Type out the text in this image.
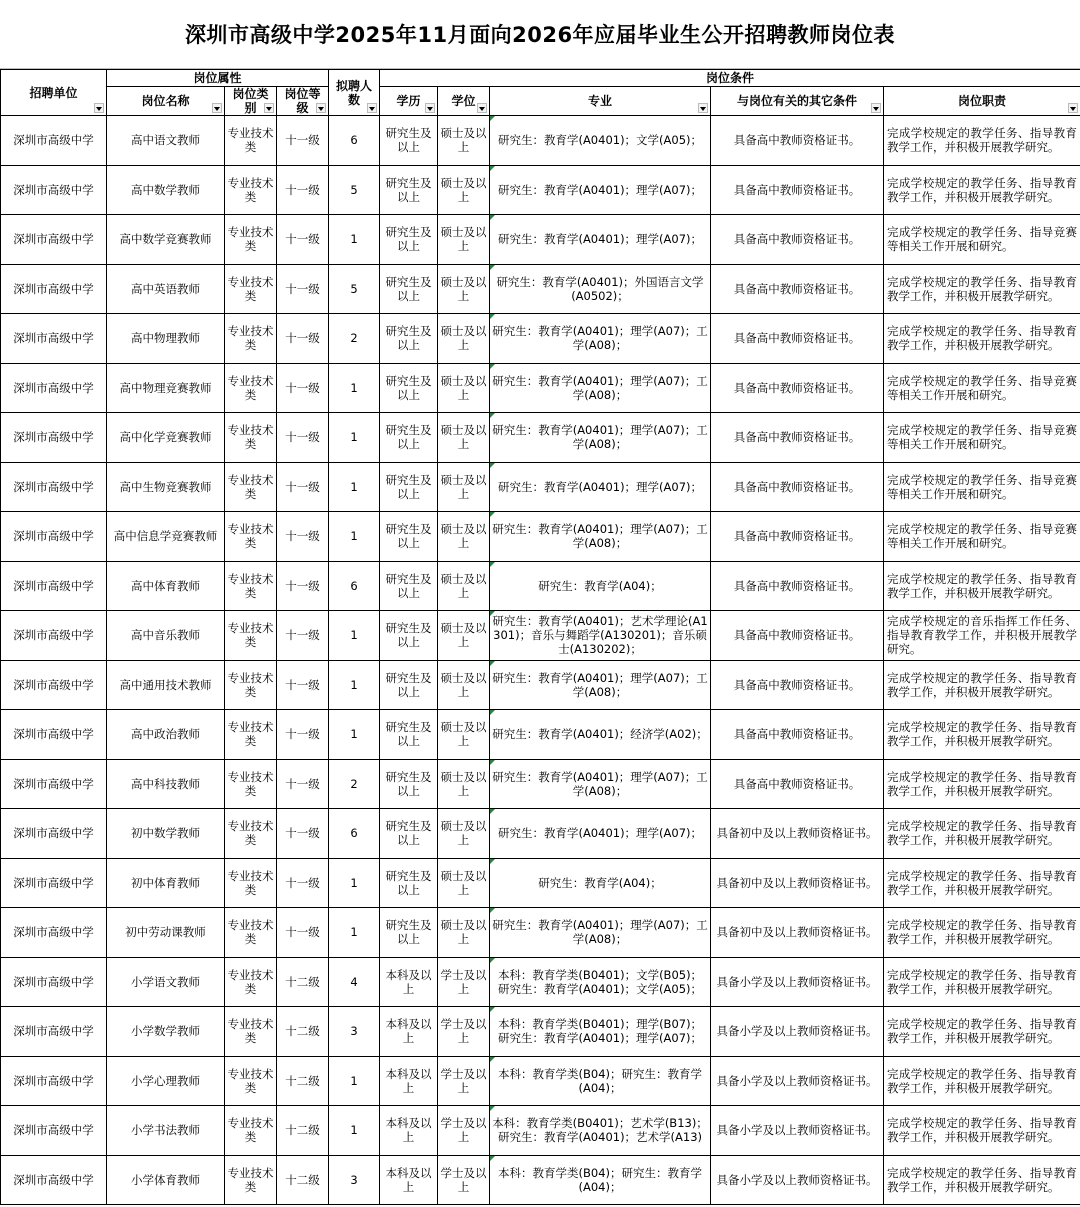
深圳市高级中学2025年11月面向2026年应届毕业生公开招聘教师岗位表
招聘单位	岗位属性			拟聘人数	岗位条件				
	岗位名称	岗位类别	岗位等级		学历	学位	专业	与岗位有关的其它条件	岗位职责

深圳市高级中学	高中语文教师	专业技术类	十一级	6	研究生及以上	硕士及以上	研究生：教育学(A0401)；文学(A05)；	具备高中教师资格证书。	完成学校规定的教学任务、指导教育教学工作，并积极开展教学研究。
深圳市高级中学	高中数学教师	专业技术类	十一级	5	研究生及以上	硕士及以上	研究生：教育学(A0401)；理学(A07)；	具备高中教师资格证书。	完成学校规定的教学任务、指导教育教学工作，并积极开展教学研究。
深圳市高级中学	高中数学竞赛教师	专业技术类	十一级	1	研究生及以上	硕士及以上	研究生：教育学(A0401)；理学(A07)；	具备高中教师资格证书。	完成学校规定的教学任务、指导竞赛等相关工作开展和研究。
深圳市高级中学	高中英语教师	专业技术类	十一级	5	研究生及以上	硕士及以上	研究生：教育学(A0401)；外国语言文学(A0502)；	具备高中教师资格证书。	完成学校规定的教学任务、指导教育教学工作，并积极开展教学研究。
深圳市高级中学	高中物理教师	专业技术类	十一级	2	研究生及以上	硕士及以上	研究生：教育学(A0401)；理学(A07)；工学(A08)；	具备高中教师资格证书。	完成学校规定的教学任务、指导教育教学工作，并积极开展教学研究。
深圳市高级中学	高中物理竞赛教师	专业技术类	十一级	1	研究生及以上	硕士及以上	研究生：教育学(A0401)；理学(A07)；工学(A08)；	具备高中教师资格证书。	完成学校规定的教学任务、指导竞赛等相关工作开展和研究。
深圳市高级中学	高中化学竞赛教师	专业技术类	十一级	1	研究生及以上	硕士及以上	研究生：教育学(A0401)；理学(A07)；工学(A08)；	具备高中教师资格证书。	完成学校规定的教学任务、指导竞赛等相关工作开展和研究。
深圳市高级中学	高中生物竞赛教师	专业技术类	十一级	1	研究生及以上	硕士及以上	研究生：教育学(A0401)；理学(A07)；	具备高中教师资格证书。	完成学校规定的教学任务、指导竞赛等相关工作开展和研究。
深圳市高级中学	高中信息学竞赛教师	专业技术类	十一级	1	研究生及以上	硕士及以上	研究生：教育学(A0401)；理学(A07)；工学(A08)；	具备高中教师资格证书。	完成学校规定的教学任务、指导竞赛等相关工作开展和研究。
深圳市高级中学	高中体育教师	专业技术类	十一级	6	研究生及以上	硕士及以上	研究生：教育学(A04)；	具备高中教师资格证书。	完成学校规定的教学任务、指导教育教学工作，并积极开展教学研究。
深圳市高级中学	高中音乐教师	专业技术类	十一级	1	研究生及以上	硕士及以上	研究生：教育学(A0401)；艺术学理论(A1301)；音乐与舞蹈学(A130201)；音乐硕士(A130202)；	具备高中教师资格证书。	完成学校规定的音乐指挥工作任务、指导教育教学工作，并积极开展教学研究。
深圳市高级中学	高中通用技术教师	专业技术类	十一级	1	研究生及以上	硕士及以上	研究生：教育学(A0401)；理学(A07)；工学(A08)；	具备高中教师资格证书。	完成学校规定的教学任务、指导教育教学工作，并积极开展教学研究。
深圳市高级中学	高中政治教师	专业技术类	十一级	1	研究生及以上	硕士及以上	研究生：教育学(A0401)；经济学(A02)；	具备高中教师资格证书。	完成学校规定的教学任务、指导教育教学工作，并积极开展教学研究。
深圳市高级中学	高中科技教师	专业技术类	十一级	2	研究生及以上	硕士及以上	研究生：教育学(A0401)；理学(A07)；工学(A08)；	具备高中教师资格证书。	完成学校规定的教学任务、指导教育教学工作，并积极开展教学研究。
深圳市高级中学	初中数学教师	专业技术类	十一级	6	研究生及以上	硕士及以上	研究生：教育学(A0401)；理学(A07)；	具备初中及以上教师资格证书。	完成学校规定的教学任务、指导教育教学工作，并积极开展教学研究。
深圳市高级中学	初中体育教师	专业技术类	十一级	1	研究生及以上	硕士及以上	研究生：教育学(A04)；	具备初中及以上教师资格证书。	完成学校规定的教学任务、指导教育教学工作，并积极开展教学研究。
深圳市高级中学	初中劳动课教师	专业技术类	十一级	1	研究生及以上	硕士及以上	研究生：教育学(A0401)；理学(A07)；工学(A08)；	具备初中及以上教师资格证书。	完成学校规定的教学任务、指导教育教学工作，并积极开展教学研究。
深圳市高级中学	小学语文教师	专业技术类	十二级	4	本科及以上	学士及以上	本科：教育学类(B0401)；文学(B05)； 研究生：教育学(A0401)；文学(A05)；	具备小学及以上教师资格证书。	完成学校规定的教学任务、指导教育教学工作，并积极开展教学研究。
深圳市高级中学	小学数学教师	专业技术类	十二级	3	本科及以上	学士及以上	本科：教育学类(B0401)；理学(B07)； 研究生：教育学(A0401)；理学(A07)；	具备小学及以上教师资格证书。	完成学校规定的教学任务、指导教育教学工作，并积极开展教学研究。
深圳市高级中学	小学心理教师	专业技术类	十二级	1	本科及以上	学士及以上	本科：教育学类(B04)；研究生：教育学(A04)；	具备小学及以上教师资格证书。	完成学校规定的教学任务、指导教育教学工作，并积极开展教学研究。
深圳市高级中学	小学书法教师	专业技术类	十二级	1	本科及以上	学士及以上	本科：教育学类(B0401)；艺术学(B13)；研究生：教育学(A0401)；艺术学(A13)	具备小学及以上教师资格证书。	完成学校规定的教学任务、指导教育教学工作，并积极开展教学研究。
深圳市高级中学	小学体育教师	专业技术类	十二级	3	本科及以上	学士及以上	本科：教育学类(B04)；研究生：教育学(A04)；	具备小学及以上教师资格证书。	完成学校规定的教学任务、指导教育教学工作，并积极开展教学研究。
